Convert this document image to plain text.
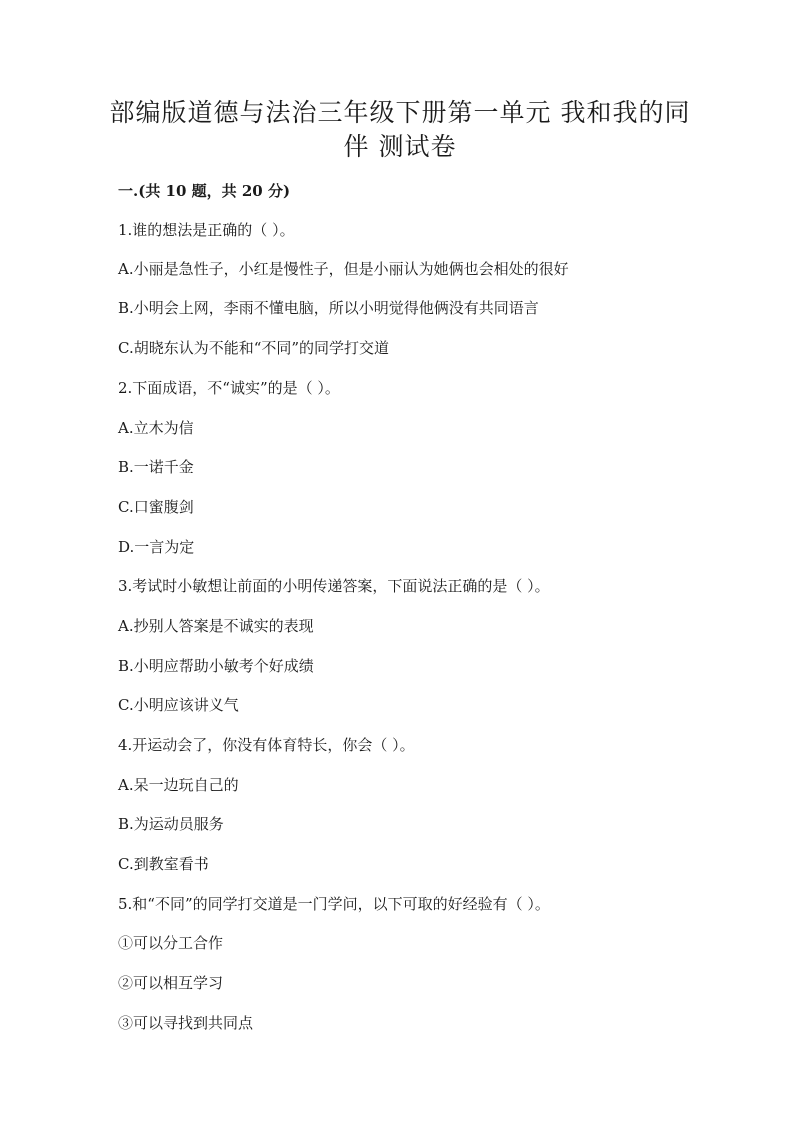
部编版道德与法治三年级下册第一单元 我和我的同
伴 测试卷

一.(共 10 题，共 20 分)

1.谁的想法是正确的（ ）。

A.小丽是急性子，小红是慢性子，但是小丽认为她俩也会相处的很好

B.小明会上网，李雨不懂电脑，所以小明觉得他俩没有共同语言

C.胡晓东认为不能和“不同”的同学打交道

2.下面成语，不“诚实”的是（ ）。

A.立木为信

B.一诺千金

C.口蜜腹剑

D.一言为定

3.考试时小敏想让前面的小明传递答案，下面说法正确的是（ ）。

A.抄别人答案是不诚实的表现

B.小明应帮助小敏考个好成绩

C.小明应该讲义气

4.开运动会了，你没有体育特长，你会（ ）。

A.呆一边玩自己的

B.为运动员服务

C.到教室看书

5.和“不同”的同学打交道是一门学问，以下可取的好经验有（ ）。

①可以分工合作

②可以相互学习

③可以寻找到共同点
